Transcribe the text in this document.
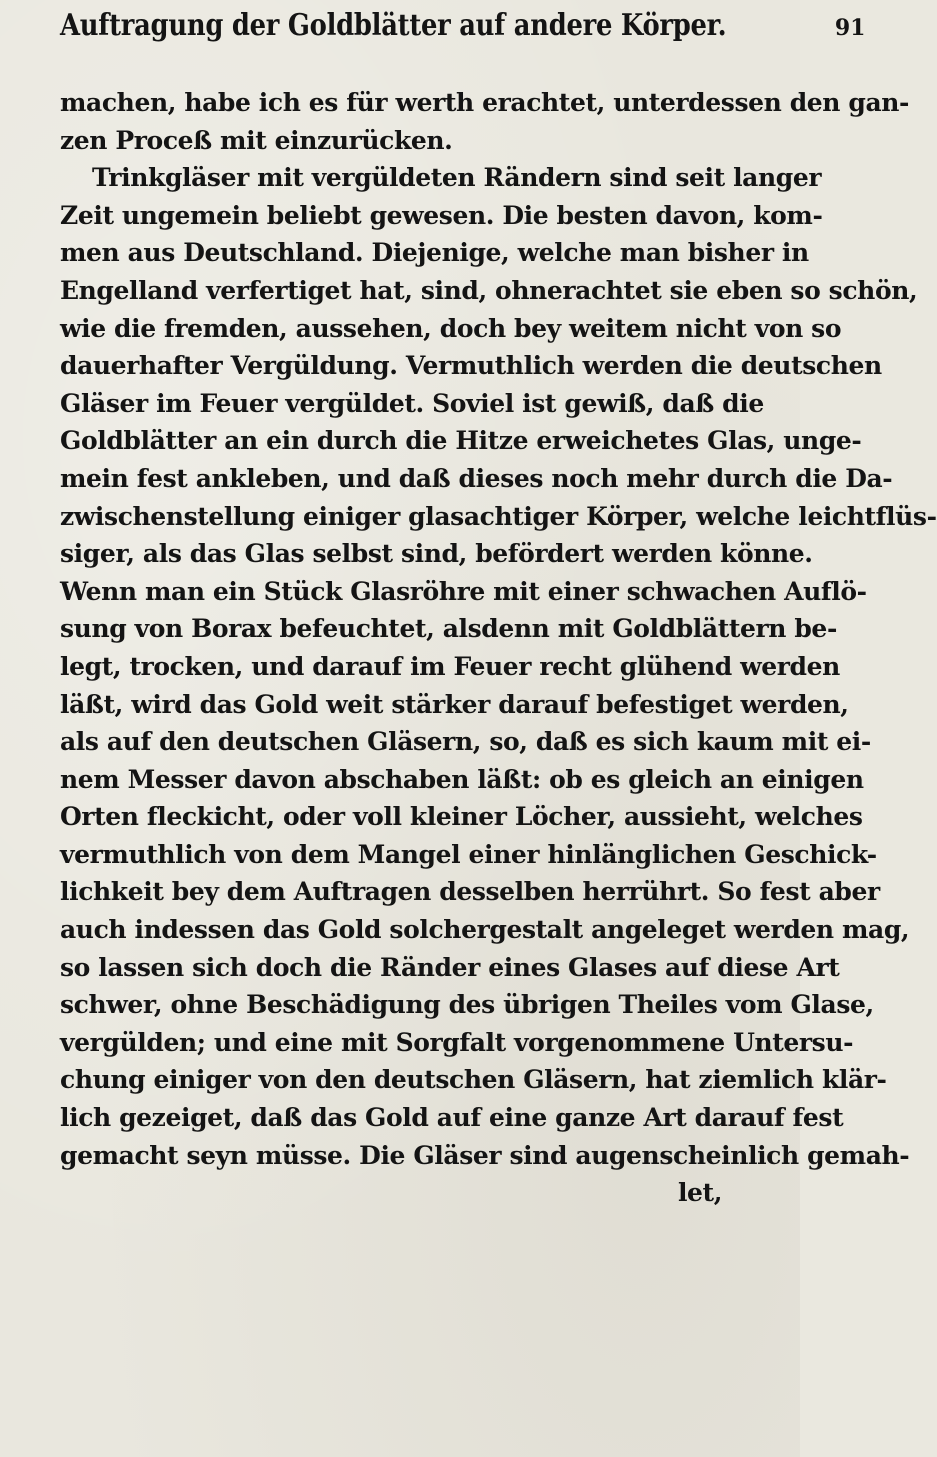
Auftragung der Goldblätter auf andere Körper.	91
machen, habe ich es für werth erachtet, unterdessen den gan-
zen Proceß mit einzurücken.
Trinkgläser mit vergüldeten Rändern sind seit langer
Zeit ungemein beliebt gewesen. Die besten davon, kom-
men aus Deutschland. Diejenige, welche man bisher in
Engelland verfertiget hat, sind, ohnerachtet sie eben so schön,
wie die fremden, aussehen, doch bey weitem nicht von so
dauerhafter Vergüldung. Vermuthlich werden die deutschen
Gläser im Feuer vergüldet. Soviel ist gewiß, daß die
Goldblätter an ein durch die Hitze erweichetes Glas, unge-
mein fest ankleben, und daß dieses noch mehr durch die Da-
zwischenstellung einiger glasachtiger Körper, welche leichtflüs-
siger, als das Glas selbst sind, befördert werden könne.
Wenn man ein Stück Glasröhre mit einer schwachen Auflö-
sung von Borax befeuchtet, alsdenn mit Goldblättern be-
legt, trocken, und darauf im Feuer recht glühend werden
läßt, wird das Gold weit stärker darauf befestiget werden,
als auf den deutschen Gläsern, so, daß es sich kaum mit ei-
nem Messer davon abschaben läßt: ob es gleich an einigen
Orten fleckicht, oder voll kleiner Löcher, aussieht, welches
vermuthlich von dem Mangel einer hinlänglichen Geschick-
lichkeit bey dem Auftragen desselben herrührt. So fest aber
auch indessen das Gold solchergestalt angeleget werden mag,
so lassen sich doch die Ränder eines Glases auf diese Art
schwer, ohne Beschädigung des übrigen Theiles vom Glase,
vergülden; und eine mit Sorgfalt vorgenommene Untersu-
chung einiger von den deutschen Gläsern, hat ziemlich klär-
lich gezeiget, daß das Gold auf eine ganze Art darauf fest
gemacht seyn müsse. Die Gläser sind augenscheinlich gemah-
let,
